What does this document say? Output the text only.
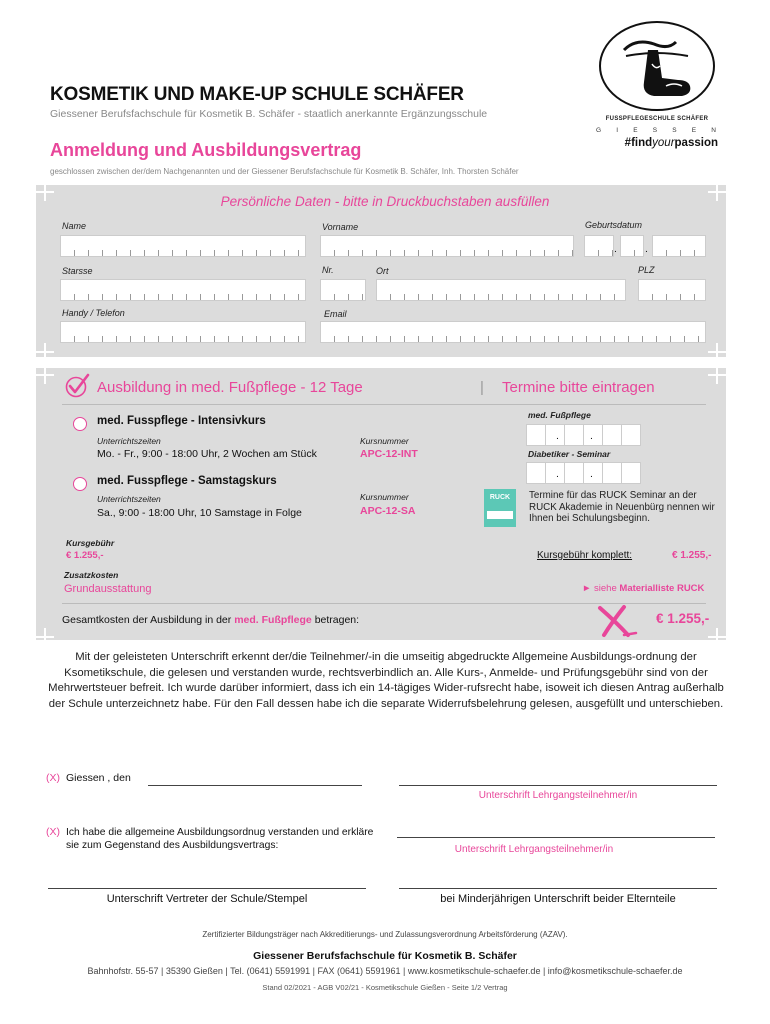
KOSMETIK UND MAKE-UP SCHULE SCHÄFER
Giessener Berufsfachschule für Kosmetik B. Schäfer - staatlich anerkannte Ergänzungsschule
Anmeldung und Ausbildungsvertrag
geschlossen zwischen der/dem Nachgenannten und der Giessener Berufsfachschule für Kosmetik B. Schäfer, Inh. Thorsten Schäfer
FUSSPFLEGESCHULE SCHÄFER
G I E S S E N
#findyourpassion
Persönliche Daten - bitte in Druckbuchstaben ausfüllen
Name	Vorname	Geburtsdatum
.	.
Starsse	Nr.	Ort	PLZ
Handy / Telefon	Email
Ausbildung in med. Fußpflege - 12 Tage	| Termine bitte eintragen
med. Fusspflege - Intensivkurs
Unterrichtszeiten
Mo. - Fr., 9:00 - 18:00 Uhr, 2 Wochen am Stück
Kursnummer
APC-12-INT
med. Fusspflege - Samstagskurs
Unterrichtszeiten
Sa., 9:00 - 18:00 Uhr, 10 Samstage in Folge
Kursnummer
APC-12-SA
med. Fußpflege
.	.
Diabetiker - Seminar
.	.
RUCK	Termine für das RUCK Seminar an der RUCK Akademie in Neuenbürg nennen wir Ihnen bei Schulungsbeginn.
Kursgebühr
€ 1.255,-	Kursgebühr komplett:	€ 1.255,-
Zusatzkosten
Grundausstattung	► siehe Materialliste RUCK
Gesamtkosten der Ausbildung in der med. Fußpflege betragen:	€ 1.255,-
Mit der geleisteten Unterschrift erkennt der/die Teilnehmer/-in die umseitig abgedruckte Allgemeine Ausbildungs-ordnung der Ksometikschule, die gelesen und verstanden wurde, rechtsverbindlich an. Alle Kurs-, Anmelde- und Prüfungsgebühr sind von der Mehrwertsteuer befreit. Ich wurde darüber informiert, dass ich ein 14-tägiges Wider-rufsrecht habe, isoweit ich diesen Antrag außerhalb der Schule unterzeichnetz habe. Für den Fall dessen habe ich die separate Widerrufsbelehrung gelesen, ausgefüllt und unterschieben.
(X) Giessen , den
Unterschrift Lehrgangsteilnehmer/in
(X) Ich habe die allgemeine Ausbildungsordnug verstanden und erkläre sie zum Gegenstand des Ausbildungsvertrags:	Unterschrift Lehrgangsteilnehmer/in
Unterschrift Vertreter der Schule/Stempel	bei Minderjährigen Unterschrift beider Elternteile
Zertifizierter Bildungsträger nach Akkreditierungs- und Zulassungsverordnung Arbeitsförderung (AZAV).
Giessener Berufsfachschule für Kosmetik B. Schäfer
Bahnhofstr. 55-57 | 35390 Gießen | Tel. (0641) 5591991 | FAX (0641) 5591961 | www.kosmetikschule-schaefer.de | info@kosmetikschule-schaefer.de
Stand 02/2021 - AGB V02/21 - Kosmetikschule Gießen - Seite 1/2 Vertrag
